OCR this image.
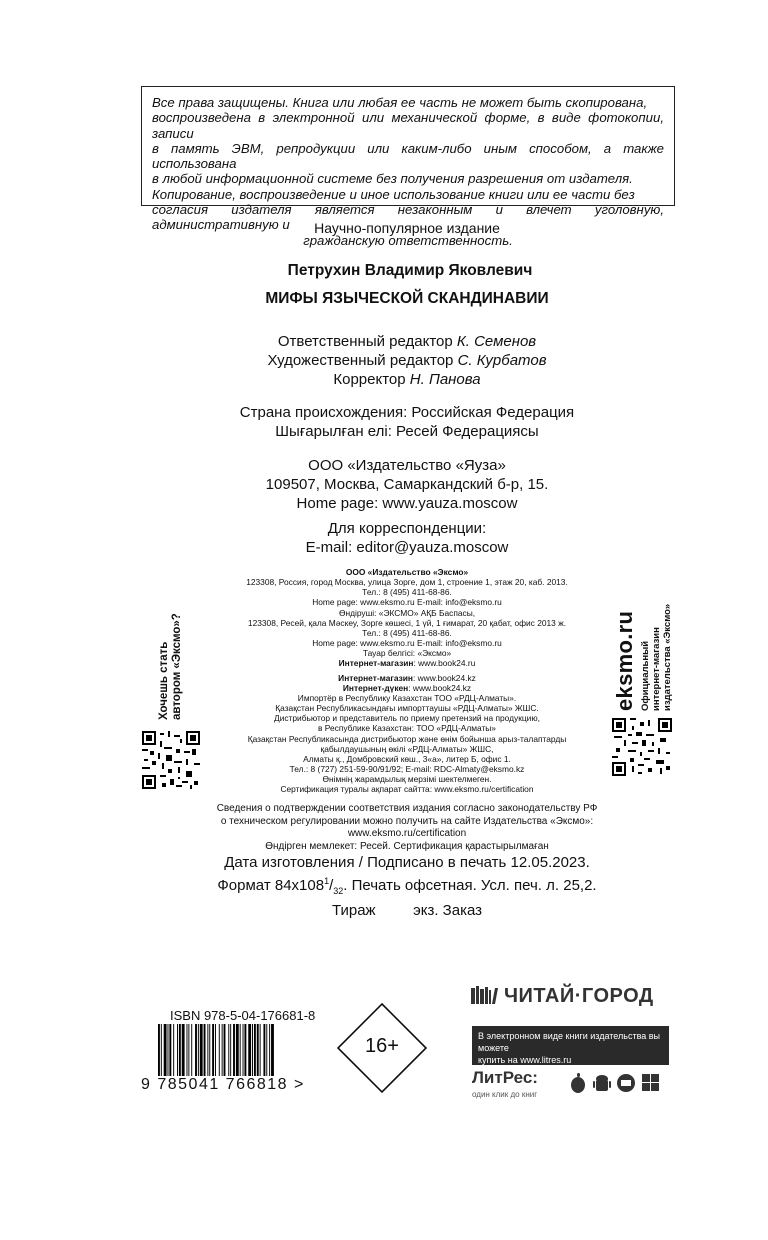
Все права защищены. Книга или любая ее часть не может быть скопирована,
воспроизведена в электронной или механической форме, в виде фотокопии, записи
в память ЭВМ, репродукции или каким-либо иным способом, а также использована
в любой информационной системе без получения разрешения от издателя.
Копирование, воспроизведение и иное использование книги или ее части без
согласия издателя является незаконным и влечет уголовную, административную и
гражданскую ответственность.
Научно-популярное издание
Петрухин Владимир Яковлевич
МИФЫ ЯЗЫЧЕСКОЙ СКАНДИНАВИИ
Ответственный редактор К. Семенов
Художественный редактор С. Курбатов
Корректор Н. Панова
Страна происхождения: Российская Федерация
Шығарылған елі: Ресей Федерациясы
ООО «Издательство «Яуза»
109507, Москва, Самаркандский б-р, 15.
Home page: www.yauza.moscow
Для корреспонденции:
E-mail: editor@yauza.moscow
ООО «Издательство «Эксмо»
123308, Россия, город Москва, улица Зорге, дом 1, строение 1, этаж 20, каб. 2013.
Тел.: 8 (495) 411-68-86.
Home page: www.eksmo.ru E-mail: info@eksmo.ru
Өндіруші: «ЭКСМО» АҚБ Баспасы,
123308, Ресей, қала Мәскеу, Зорге көшесі, 1 үй, 1 ғимарат, 20 қабат, офис 2013 ж.
Тел.: 8 (495) 411-68-86.
Home page: www.eksmo.ru E-mail: info@eksmo.ru
Тауар белгісі: «Эксмо»
Интернет-магазин: www.book24.ru
Интернет-магазин: www.book24.kz
Интернет-дүкен: www.book24.kz
Импортёр в Республику Казахстан ТОО «РДЦ-Алматы».
Қазақстан Республикасындағы импорттаушы «РДЦ-Алматы» ЖШС.
Дистрибьютор и представитель по приему претензий на продукцию,
в Республике Казахстан: ТОО «РДЦ-Алматы»
Қазақстан Республикасында дистрибьютор және өнім бойынша арыз-талаптарды
қабылдаушының өкілі «РДЦ-Алматы» ЖШС,
Алматы қ., Домбровский көш., 3«а», литер Б, офис 1.
Тел.: 8 (727) 251-59-90/91/92; E-mail: RDC-Almaty@eksmo.kz
Өнімнің жарамдылық мерзімі шектелмеген.
Сертификация туралы ақпарат сайтта: www.eksmo.ru/certification
Сведения о подтверждении соответствия издания согласно законодательству РФ
о техническом регулировании можно получить на сайте Издательства «Эксмо»:
www.eksmo.ru/certification
Өндірген мемлекет: Ресей. Сертификация қарастырылмаған
Дата изготовления / Подписано в печать 12.05.2023.
Формат $84x108^1/_{32}$. Печать офсетная. Усл. печ. л. 25,2.
Тираж         экз. Заказ
Хочешь стать автором «Эксмо»?	eksmo.ru Официальный интернет-магазин издательства «Эксмо»
ISBN 978-5-04-176681-8
9 785041 766818 >
16+
ЧИТАЙ·ГОРОД
В электронном виде книги издательства вы можете
купить на www.litres.ru
ЛитРес:
один клик до книг
